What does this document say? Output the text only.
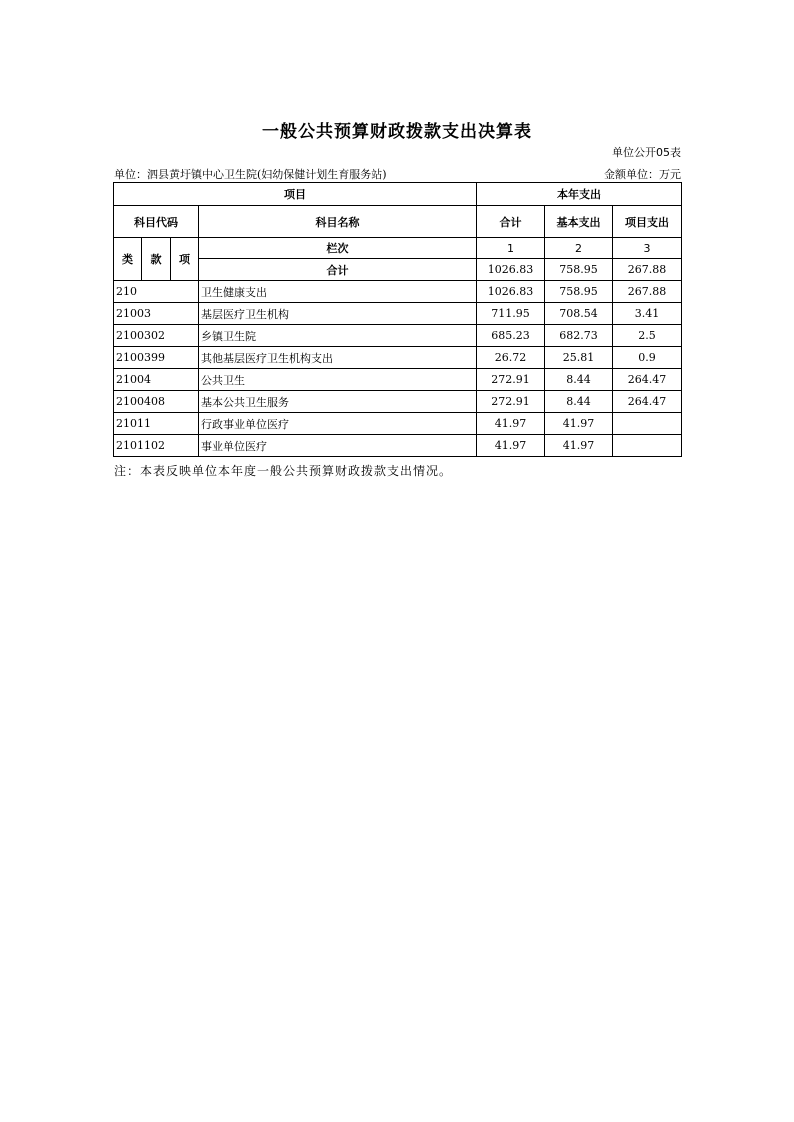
一般公共预算财政拨款支出决算表
单位公开05表
单位：泗县黄圩镇中心卫生院(妇幼保健计划生育服务站)	金额单位：万元
项目				本年支出		
科目代码			科目名称	合计	基本支出	项目支出
类	款	项	栏次	1	2	3
			合计	1026.83	758.95	267.88
210			卫生健康支出	1026.83	758.95	267.88
21003			基层医疗卫生机构	711.95	708.54	3.41
2100302			乡镇卫生院	685.23	682.73	2.5
2100399			其他基层医疗卫生机构支出	26.72	25.81	0.9
21004			公共卫生	272.91	8.44	264.47
2100408			基本公共卫生服务	272.91	8.44	264.47
21011			行政事业单位医疗	41.97	41.97	
2101102			事业单位医疗	41.97	41.97	
注：本表反映单位本年度一般公共预算财政拨款支出情况。
